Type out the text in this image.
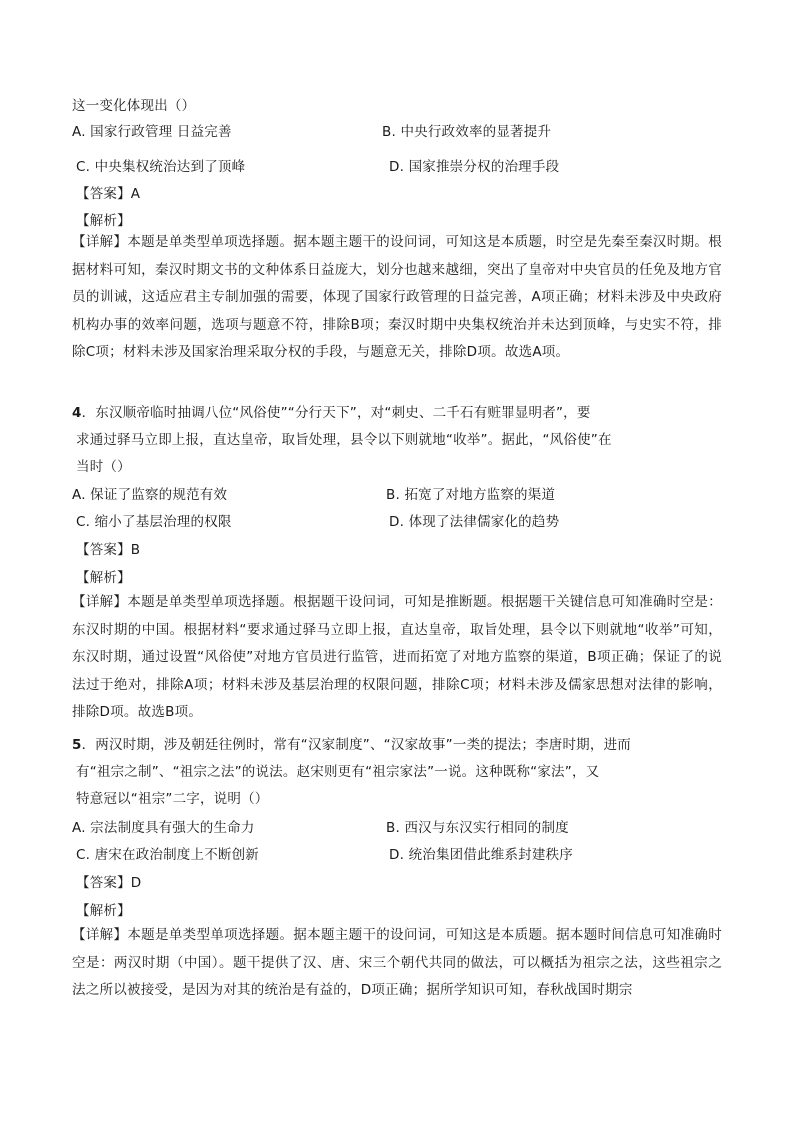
这一变化体现出（）
A. 国家行政管理 日益完善	B. 中央行政效率的显著提升
C. 中央集权统治达到了顶峰	D. 国家推崇分权的治理手段
【答案】A
【解析】
【详解】本题是单类型单项选择题。据本题主题干的设问词，可知这是本质题，时空是先秦至秦汉时期。根据材料可知，秦汉时期文书的文种体系日益庞大，划分也越来越细，突出了皇帝对中央官员的任免及地方官员的训诫，这适应君主专制加强的需要，体现了国家行政管理的日益完善，A项正确；材料未涉及中央政府机构办事的效率问题，选项与题意不符，排除B项；秦汉时期中央集权统治并未达到顶峰，与史实不符，排除C项；材料未涉及国家治理采取分权的手段，与题意无关，排除D项。故选A项。
4．东汉顺帝临时抽调八位“风俗使”“分行天下”，对“刺史、二千石有赃罪显明者”，要
求通过驿马立即上报，直达皇帝，取旨处理，县令以下则就地“收举”。据此，“风俗使”在
当时（）
A. 保证了监察的规范有效	B. 拓宽了对地方监察的渠道
C. 缩小了基层治理的权限	D. 体现了法律儒家化的趋势
【答案】B
【解析】
【详解】本题是单类型单项选择题。根据题干设问词，可知是推断题。根据题干关键信息可知准确时空是：东汉时期的中国。根据材料“要求通过驿马立即上报，直达皇帝，取旨处理，县令以下则就地“收举”可知，东汉时期，通过设置“风俗使”对地方官员进行监管，进而拓宽了对地方监察的渠道，B项正确；保证了的说法过于绝对，排除A项；材料未涉及基层治理的权限问题，排除C项；材料未涉及儒家思想对法律的影响，排除D项。故选B项。
5．两汉时期，涉及朝廷往例时，常有“汉家制度”、“汉家故事”一类的提法；李唐时期，进而
有“祖宗之制”、“祖宗之法”的说法。赵宋则更有“祖宗家法”一说。这种既称“家法”，又
特意冠以“祖宗”二字，说明（）
A. 宗法制度具有强大的生命力	B. 西汉与东汉实行相同的制度
C. 唐宋在政治制度上不断创新	D. 统治集团借此维系封建秩序
【答案】D
【解析】
【详解】本题是单类型单项选择题。据本题主题干的设问词，可知这是本质题。据本题时间信息可知准确时空是：两汉时期（中国）。题干提供了汉、唐、宋三个朝代共同的做法，可以概括为祖宗之法，这些祖宗之法之所以被接受，是因为对其的统治是有益的，D项正确；据所学知识可知，春秋战国时期宗
